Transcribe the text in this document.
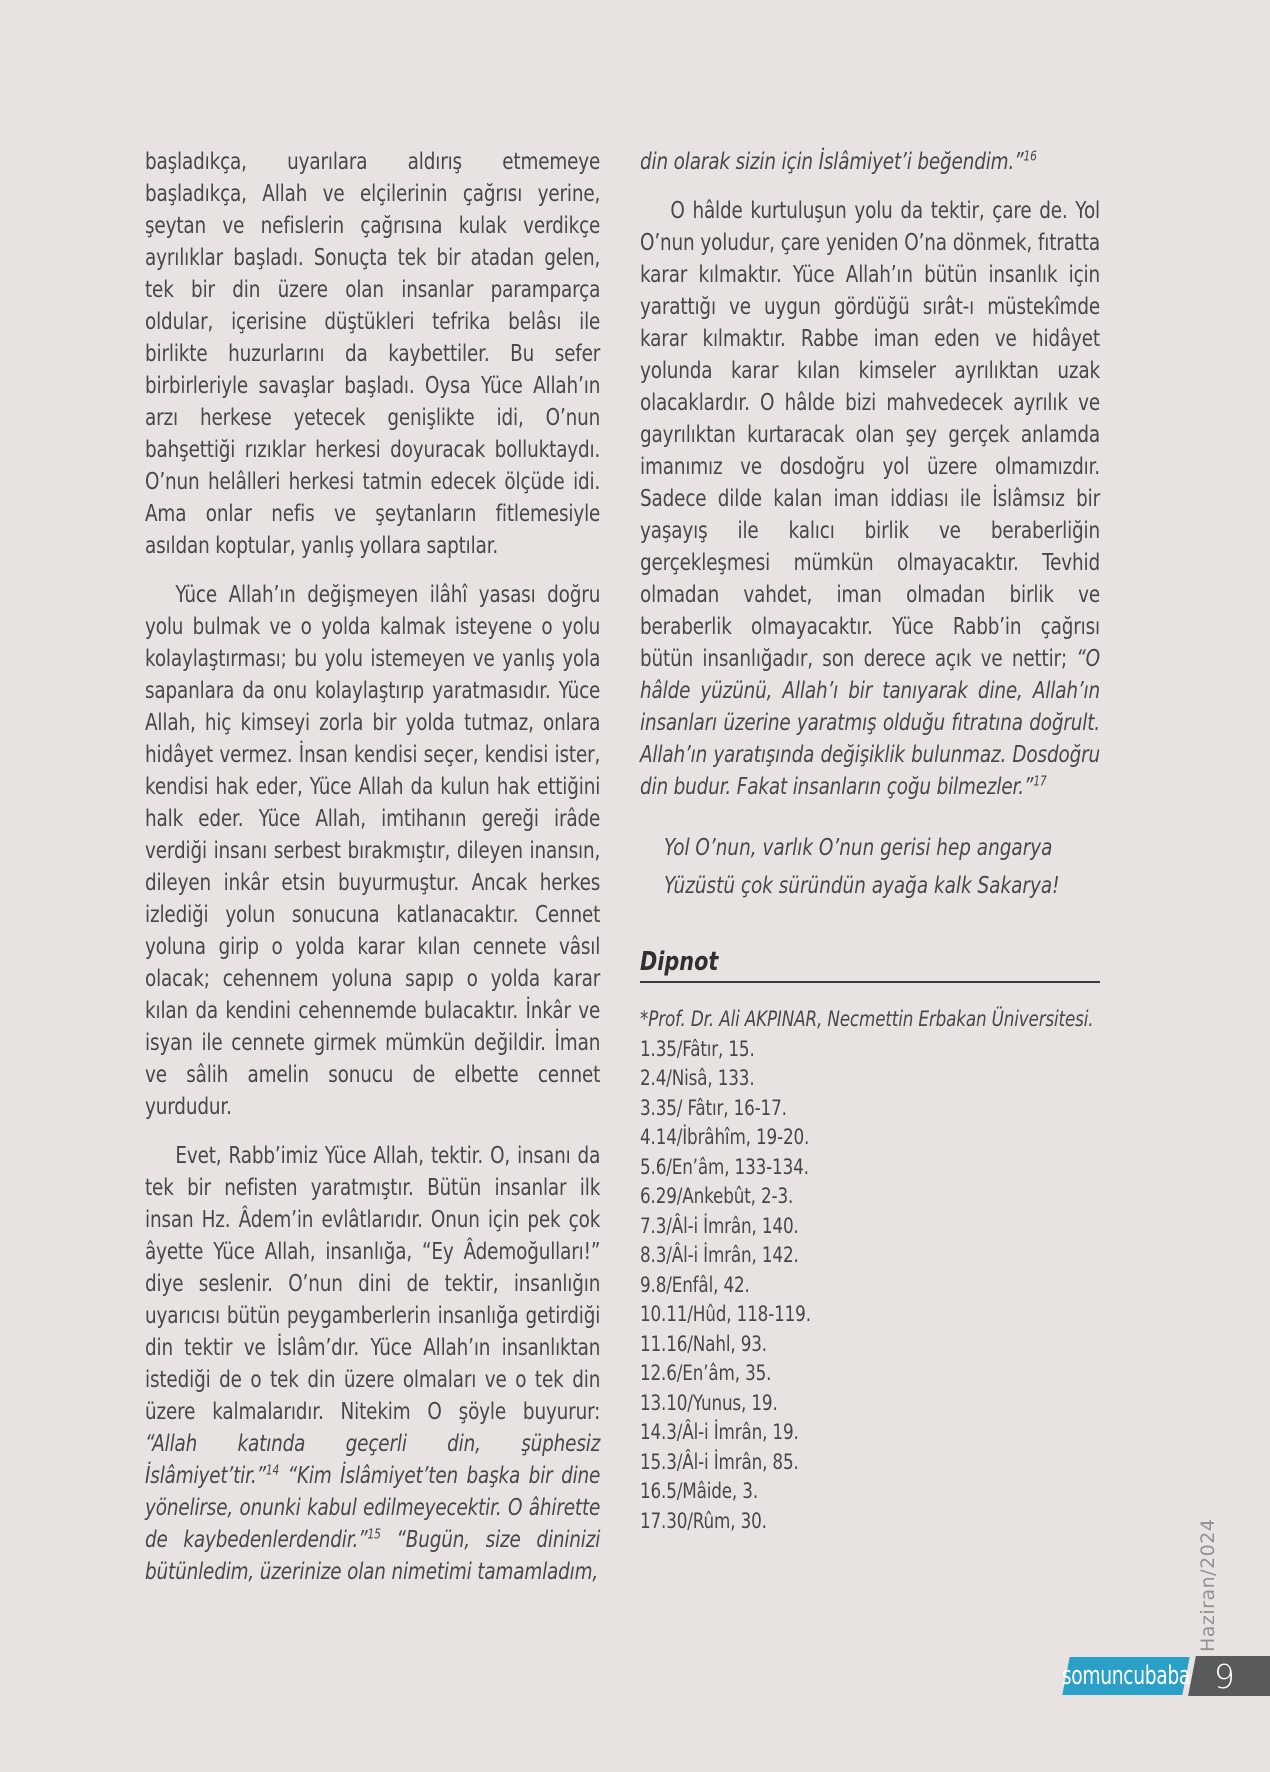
başladıkça, uyarılara aldırış etmemeye başladıkça, Allah ve elçilerinin çağrısı yerine, şeytan ve nefislerin çağrısına kulak verdikçe ayrılıklar başladı. Sonuçta tek bir atadan gelen, tek bir din üzere olan insanlar paramparça oldular, içerisine düştükleri tefrika belâsı ile birlikte huzurlarını da kaybettiler. Bu sefer birbirleriyle savaşlar başladı. Oysa Yüce Allah’ın arzı herkese yetecek genişlikte idi, O’nun bahşettiği rızıklar herkesi doyuracak bolluktaydı. O’nun helâlleri herkesi tatmin edecek ölçüde idi. Ama onlar nefis ve şeytanların fitlemesiyle asıldan koptular, yanlış yollara saptılar.

Yüce Allah’ın değişmeyen ilâhî yasası doğru yolu bulmak ve o yolda kalmak isteyene o yolu kolaylaştırması; bu yolu istemeyen ve yanlış yola sapanlara da onu kolaylaştırıp yaratmasıdır. Yüce Allah, hiç kimseyi zorla bir yolda tutmaz, onlara hidâyet vermez. İnsan kendisi seçer, kendisi ister, kendisi hak eder, Yüce Allah da kulun hak ettiğini halk eder. Yüce Allah, imtihanın gereği irâde verdiği insanı serbest bırakmıştır, dileyen inansın, dileyen inkâr etsin buyurmuştur. Ancak herkes izlediği yolun sonucuna katlanacaktır. Cennet yoluna girip o yolda karar kılan cennete vâsıl olacak; cehennem yoluna sapıp o yolda karar kılan da kendini cehennemde bulacaktır. İnkâr ve isyan ile cennete girmek mümkün değildir. İman ve sâlih amelin sonucu de elbette cennet yurdudur.

Evet, Rabb’imiz Yüce Allah, tektir. O, insanı da tek bir nefisten yaratmıştır. Bütün insanlar ilk insan Hz. Âdem’in evlâtlarıdır. Onun için pek çok âyette Yüce Allah, insanlığa, “Ey Âdemoğulları!” diye seslenir. O’nun dini de tektir, insanlığın uyarıcısı bütün peygamberlerin insanlığa getirdiği din tektir ve İslâm’dır. Yüce Allah’ın insanlıktan istediği de o tek din üzere olmaları ve o tek din üzere kalmalarıdır. Nitekim O şöyle buyurur: “Allah katında geçerli din, şüphesiz İslâmiyet’tir.”$^{14}$ “Kim İslâmiyet’ten başka bir dine yönelirse, onunki kabul edilmeyecektir. O âhirette de kaybedenlerdendir.”$^{15}$ “Bugün, size dininizi bütünledim, üzerinize olan nimetimi tamamladım,

din olarak sizin için İslâmiyet’i beğendim.”$^{16}$

O hâlde kurtuluşun yolu da tektir, çare de. Yol O’nun yoludur, çare yeniden O’na dönmek, fıtratta karar kılmaktır. Yüce Allah’ın bütün insanlık için yarattığı ve uygun gördüğü sırât-ı müstekîmde karar kılmaktır. Rabbe iman eden ve hidâyet yolunda karar kılan kimseler ayrılıktan uzak olacaklardır. O hâlde bizi mahvedecek ayrılık ve gayrılıktan kurtaracak olan şey gerçek anlamda imanımız ve dosdoğru yol üzere olmamızdır. Sadece dilde kalan iman iddiası ile İslâmsız bir yaşayış ile kalıcı birlik ve beraberliğin gerçekleşmesi mümkün olmayacaktır. Tevhid olmadan vahdet, iman olmadan birlik ve beraberlik olmayacaktır. Yüce Rabb’in çağrısı bütün insanlığadır, son derece açık ve nettir; “O hâlde yüzünü, Allah’ı bir tanıyarak dine, Allah’ın insanları üzerine yaratmış olduğu fıtratına doğrult. Allah’ın yaratışında değişiklik bulunmaz. Dosdoğru din budur. Fakat insanların çoğu bilmezler.”$^{17}$

Yol O’nun, varlık O’nun gerisi hep angarya

Yüzüstü çok süründün ayağa kalk Sakarya!

Dipnot
*Prof. Dr. Ali AKPINAR, Necmettin Erbakan Üniversitesi.
1.35/Fâtır, 15.
2.4/Nisâ, 133.
3.35/ Fâtır, 16-17.
4.14/İbrâhîm, 19-20.
5.6/En’âm, 133-134.
6.29/Ankebût, 2-3.
7.3/Âl-i İmrân, 140.
8.3/Âl-i İmrân, 142.
9.8/Enfâl, 42.
10.11/Hûd, 118-119.
11.16/Nahl, 93.
12.6/En’âm, 35.
13.10/Yunus, 19.
14.3/Âl-i İmrân, 19.
15.3/Âl-i İmrân, 85.
16.5/Mâide, 3.
17.30/Rûm, 30.	Haziran/2024
somuncubaba 9
